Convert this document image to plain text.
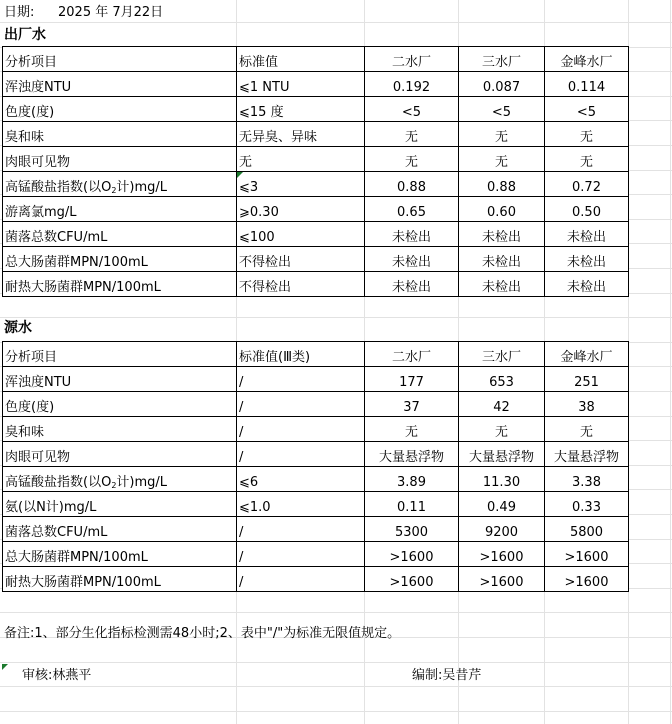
日期: 2025 年 7月22日
出厂水
分析项目	标准值	二水厂	三水厂	金峰水厂
浑浊度NTU	⩽1 NTU	0.192	0.087	0.114
色度(度)	⩽15 度	<5	<5	<5
臭和味	无异臭、异味	无	无	无
肉眼可见物	无	无	无	无
高锰酸盐指数(以$O_2$计)mg/L	⩽3	0.88	0.88	0.72
游离氯mg/L	⩾0.30	0.65	0.60	0.50
菌落总数CFU/mL	⩽100	未检出	未检出	未检出
总大肠菌群MPN/100mL	不得检出	未检出	未检出	未检出
耐热大肠菌群MPN/100mL	不得检出	未检出	未检出	未检出
源水
分析项目	标准值(Ⅲ类)	二水厂	三水厂	金峰水厂
浑浊度NTU	/	177	653	251
色度(度)	/	37	42	38
臭和味	/	无	无	无
肉眼可见物	/	大量悬浮物	大量悬浮物	大量悬浮物
高锰酸盐指数(以$O_2$计)mg/L	⩽6	3.89	11.30	3.38
氨(以N计)mg/L	⩽1.0	0.11	0.49	0.33
菌落总数CFU/mL	/	5300	9200	5800
总大肠菌群MPN/100mL	/	>1600	>1600	>1600
耐热大肠菌群MPN/100mL	/	>1600	>1600	>1600
备注:1、部分生化指标检测需48小时;2、表中"/"为标准无限值规定。
审核:林燕平	编制:吴昔芹
